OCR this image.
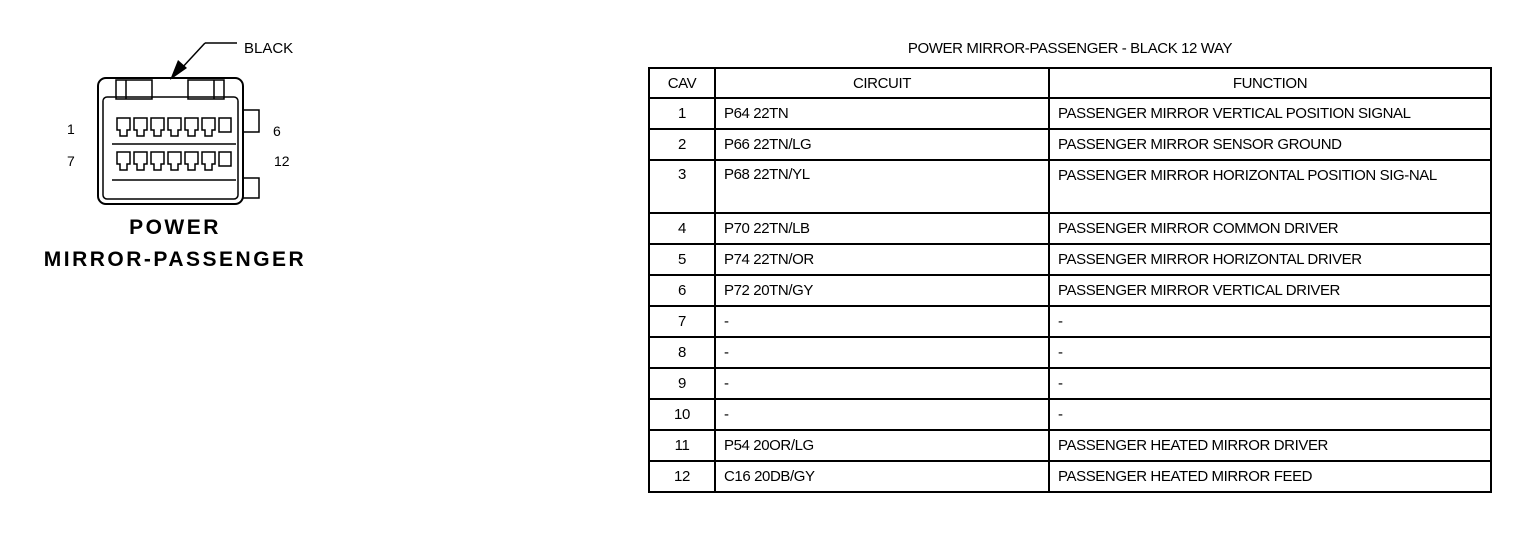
BLACK
1
7
6
12
POWER
MIRROR-PASSENGER
POWER MIRROR-PASSENGER - BLACK 12 WAY
CAV	CIRCUIT	FUNCTION
1	P64 22TN	PASSENGER MIRROR VERTICAL POSITION SIGNAL
2	P66 22TN/LG	PASSENGER MIRROR SENSOR GROUND
3	P68 22TN/YL	PASSENGER MIRROR HORIZONTAL POSITION SIG-NAL
4	P70 22TN/LB	PASSENGER MIRROR COMMON DRIVER
5	P74 22TN/OR	PASSENGER MIRROR HORIZONTAL DRIVER
6	P72 20TN/GY	PASSENGER MIRROR VERTICAL DRIVER
7	-	-
8	-	-
9	-	-
10	-	-
11	P54 20OR/LG	PASSENGER HEATED MIRROR DRIVER
12	C16 20DB/GY	PASSENGER HEATED MIRROR FEED
